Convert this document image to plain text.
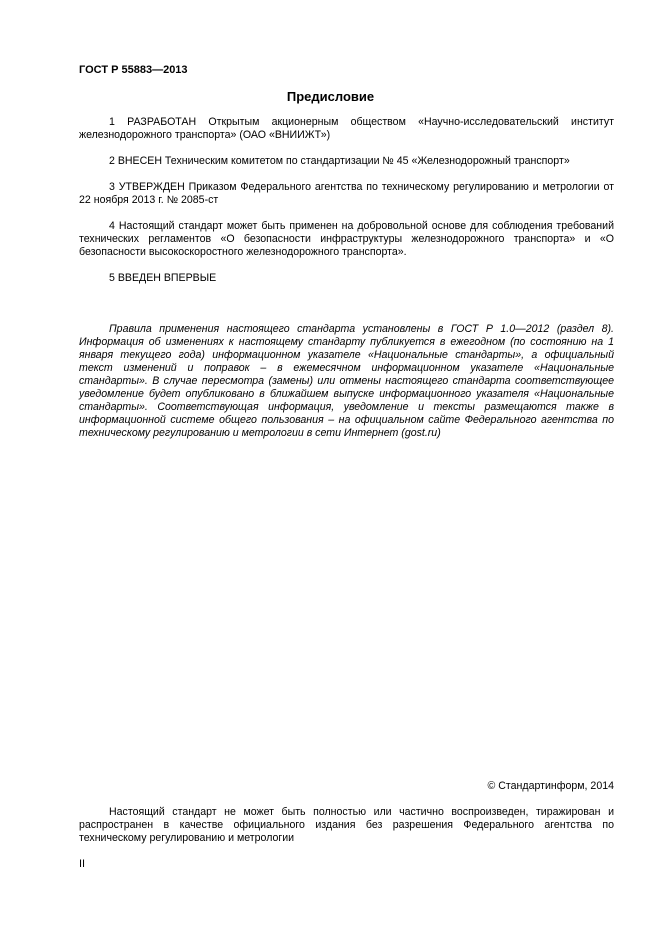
ГОСТ Р 55883—2013
Предисловие
1 РАЗРАБОТАН Открытым акционерным обществом «Научно-исследовательский институт железнодорожного транспорта» (ОАО «ВНИИЖТ»)
2 ВНЕСЕН Техническим комитетом по стандартизации № 45 «Железнодорожный транспорт»
3 УТВЕРЖДЕН Приказом Федерального агентства по техническому регулированию и метрологии от 22 ноября 2013 г. № 2085-ст
4 Настоящий стандарт может быть применен на добровольной основе для соблюдения требований технических регламентов «О безопасности инфраструктуры железнодорожного транспорта» и «О безопасности высокоскоростного железнодорожного транспорта».
5 ВВЕДЕН ВПЕРВЫЕ
Правила применения настоящего стандарта установлены в ГОСТ Р 1.0—2012 (раздел 8). Информация об изменениях к настоящему стандарту публикуется в ежегодном (по состоянию на 1 января текущего года) информационном указателе «Национальные стандарты», а официальный текст изменений и поправок – в ежемесячном информационном указателе «Национальные стандарты». В случае пересмотра (замены) или отмены настоящего стандарта соответствующее уведомление будет опубликовано в ближайшем выпуске информационного указателя «Национальные стандарты». Соответствующая информация, уведомление и тексты размещаются также в информационной системе общего пользования – на официальном сайте Федерального агентства по техническому регулированию и метрологии в сети Интернет (gost.ru)
© Стандартинформ, 2014
Настоящий стандарт не может быть полностью или частично воспроизведен, тиражирован и распространен в качестве официального издания без разрешения Федерального агентства по техническому регулированию и метрологии
II
